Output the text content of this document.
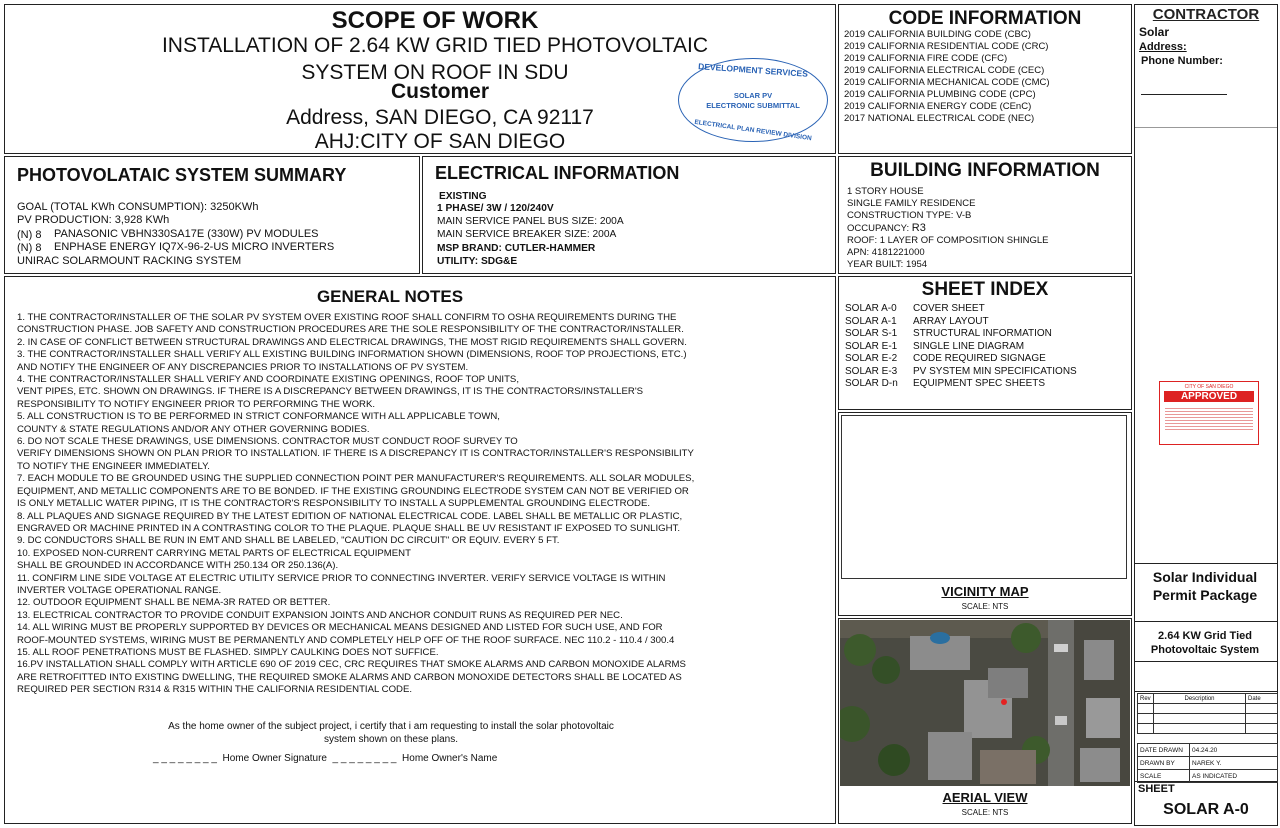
SCOPE OF WORK
INSTALLATION OF 2.64 KW GRID TIED PHOTOVOLTAIC
SYSTEM ON ROOF IN SDU
Customer
Address, SAN DIEGO, CA 92117
AHJ:CITY OF SAN DIEGO
DEVELOPMENT SERVICES
SOLAR PV
ELECTRONIC SUBMITTAL
ELECTRICAL PLAN REVIEW DIVISION
CODE INFORMATION
2019 CALIFORNIA BUILDING CODE (CBC)
2019 CALIFORNIA RESIDENTIAL CODE (CRC)
2019 CALIFORNIA FIRE CODE (CFC)
2019 CALIFORNIA ELECTRICAL CODE (CEC)
2019 CALIFORNIA MECHANICAL CODE (CMC)
2019 CALIFORNIA PLUMBING CODE (CPC)
2019 CALIFORNIA ENERGY CODE (CEnC)
2017 NATIONAL ELECTRICAL CODE (NEC)
CONTRACTOR
Solar
Address:
Phone Number:
Solar Individual Permit Package
2.64 KW Grid Tied Photovoltaic System
SHEET
SOLAR A-0
CITY OF SAN DIEGO
APPROVED
Rev	Description	Date

DATE DRAWN	04.24.20
DRAWN BY	NAREK Y.
SCALE	AS INDICATED
PHOTOVOLATAIC SYSTEM SUMMARY
GOAL (TOTAL KWh CONSUMPTION): 3250KWh
PV PRODUCTION: 3,928 KWh
(N) 8 PANASONIC VBHN330SA17E (330W) PV MODULES
(N) 8 ENPHASE ENERGY IQ7X-96-2-US MICRO INVERTERS
UNIRAC SOLARMOUNT RACKING SYSTEM
ELECTRICAL INFORMATION
EXISTING
1 PHASE/ 3W / 120/240V
MAIN SERVICE PANEL BUS SIZE: 200A
MAIN SERVICE BREAKER SIZE: 200A
MSP BRAND: CUTLER-HAMMER
UTILITY: SDG&E
BUILDING INFORMATION
1 STORY HOUSE
SINGLE FAMILY RESIDENCE
CONSTRUCTION TYPE: V-B
OCCUPANCY: R3
ROOF: 1 LAYER OF COMPOSITION SHINGLE
APN: 4181221000
YEAR BUILT: 1954
GENERAL NOTES
1. THE CONTRACTOR/INSTALLER OF THE SOLAR PV SYSTEM OVER EXISTING ROOF SHALL CONFIRM TO OSHA REQUIREMENTS DURING THE
CONSTRUCTION PHASE. JOB SAFETY AND CONSTRUCTION PROCEDURES ARE THE SOLE RESPONSIBILITY OF THE CONTRACTOR/INSTALLER.
2. IN CASE OF CONFLICT BETWEEN STRUCTURAL DRAWINGS AND ELECTRICAL DRAWINGS, THE MOST RIGID REQUIREMENTS SHALL GOVERN.
3. THE CONTRACTOR/INSTALLER SHALL VERIFY ALL EXISTING BUILDING INFORMATION SHOWN (DIMENSIONS, ROOF TOP PROJECTIONS, ETC.)
AND NOTIFY THE ENGINEER OF ANY DISCREPANCIES PRIOR TO INSTALLATIONS OF PV SYSTEM.
4. THE CONTRACTOR/INSTALLER SHALL VERIFY AND COORDINATE EXISTING OPENINGS, ROOF TOP UNITS,
VENT PIPES, ETC. SHOWN ON DRAWINGS. IF THERE IS A DISCREPANCY BETWEEN DRAWINGS, IT IS THE CONTRACTORS/INSTALLER'S
RESPONSIBILITY TO NOTIFY ENGINEER PRIOR TO PERFORMING THE WORK.
5. ALL CONSTRUCTION IS TO BE PERFORMED IN STRICT CONFORMANCE WITH ALL APPLICABLE TOWN,
COUNTY & STATE REGULATIONS AND/OR ANY OTHER GOVERNING BODIES.
6. DO NOT SCALE THESE DRAWINGS, USE DIMENSIONS. CONTRACTOR MUST CONDUCT ROOF SURVEY TO
VERIFY DIMENSIONS SHOWN ON PLAN PRIOR TO INSTALLATION. IF THERE IS A DISCREPANCY IT IS CONTRACTOR/INSTALLER'S RESPONSIBILITY
TO NOTIFY THE ENGINEER IMMEDIATELY.
7. EACH MODULE TO BE GROUNDED USING THE SUPPLIED CONNECTION POINT PER MANUFACTURER'S REQUIREMENTS. ALL SOLAR MODULES,
EQUIPMENT, AND METALLIC COMPONENTS ARE TO BE BONDED. IF THE EXISTING GROUNDING ELECTRODE SYSTEM CAN NOT BE VERIFIED OR
IS ONLY METALLIC WATER PIPING, IT IS THE CONTRACTOR'S RESPONSIBILITY TO INSTALL A SUPPLEMENTAL GROUNDING ELECTRODE.
8. ALL PLAQUES AND SIGNAGE REQUIRED BY THE LATEST EDITION OF NATIONAL ELECTRICAL CODE. LABEL SHALL BE METALLIC OR PLASTIC,
ENGRAVED OR MACHINE PRINTED IN A CONTRASTING COLOR TO THE PLAQUE. PLAQUE SHALL BE UV RESISTANT IF EXPOSED TO SUNLIGHT.
9. DC CONDUCTORS SHALL BE RUN IN EMT AND SHALL BE LABELED, "CAUTION DC CIRCUIT" OR EQUIV. EVERY 5 FT.
10. EXPOSED NON-CURRENT CARRYING METAL PARTS OF ELECTRICAL EQUIPMENT
SHALL BE GROUNDED IN ACCORDANCE WITH 250.134 OR 250.136(A).
11. CONFIRM LINE SIDE VOLTAGE AT ELECTRIC UTILITY SERVICE PRIOR TO CONNECTING INVERTER. VERIFY SERVICE VOLTAGE IS WITHIN
INVERTER VOLTAGE OPERATIONAL RANGE.
12. OUTDOOR EQUIPMENT SHALL BE NEMA-3R RATED OR BETTER.
13. ELECTRICAL CONTRACTOR TO PROVIDE CONDUIT EXPANSION JOINTS AND ANCHOR CONDUIT RUNS AS REQUIRED PER NEC.
14. ALL WIRING MUST BE PROPERLY SUPPORTED BY DEVICES OR MECHANICAL MEANS DESIGNED AND LISTED FOR SUCH USE, AND FOR
ROOF-MOUNTED SYSTEMS, WIRING MUST BE PERMANENTLY AND COMPLETELY HELP OFF OF THE ROOF SURFACE. NEC 110.2 - 110.4 / 300.4
15. ALL ROOF PENETRATIONS MUST BE FLASHED. SIMPLY CAULKING DOES NOT SUFFICE.
16.PV INSTALLATION SHALL COMPLY WITH ARTICLE 690 OF 2019 CEC, CRC REQUIRES THAT SMOKE ALARMS AND CARBON MONOXIDE ALARMS
ARE RETROFITTED INTO EXISTING DWELLING, THE REQUIRED SMOKE ALARMS AND CARBON MONOXIDE DETECTORS SHALL BE LOCATED AS
REQUIRED PER SECTION R314 & R315 WITHIN THE CALIFORNIA RESIDENTIAL CODE.
As the home owner of the subject project, i certify that i am requesting to install the solar photovoltaic
system shown on these plans.
_ _ _ _ _ _ _ _  Home Owner Signature  _ _ _ _ _ _ _ _  Home Owner's Name
SHEET INDEX
SOLAR A-0	COVER SHEET
SOLAR A-1	ARRAY LAYOUT
SOLAR S-1	STRUCTURAL INFORMATION
SOLAR E-1	SINGLE LINE DIAGRAM
SOLAR E-2	CODE REQUIRED SIGNAGE
SOLAR E-3	PV SYSTEM MIN SPECIFICATIONS
SOLAR D-n	EQUIPMENT SPEC SHEETS
VICINITY MAP
SCALE: NTS
AERIAL VIEW
SCALE: NTS
